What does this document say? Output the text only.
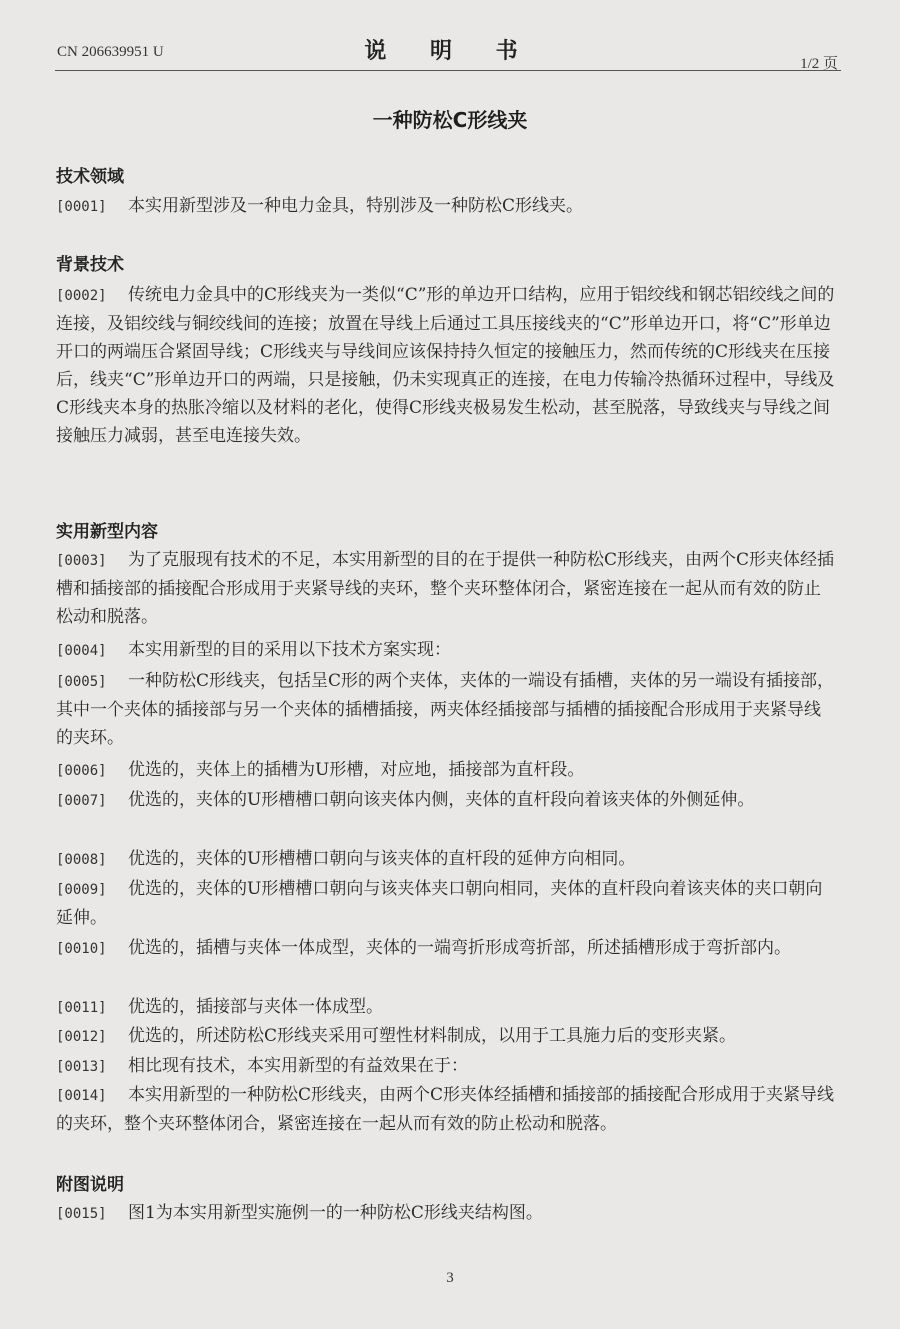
CN 206639951 U	说 明 书	1/2 页
一种防松C形线夹
技术领域
[0001] 本实用新型涉及一种电力金具，特别涉及一种防松C形线夹。
背景技术
[0002] 传统电力金具中的C形线夹为一类似“C”形的单边开口结构，应用于铝绞线和钢芯铝绞线之间的连接，及铝绞线与铜绞线间的连接；放置在导线上后通过工具压接线夹的“C”形单边开口，将“C”形单边开口的两端压合紧固导线；C形线夹与导线间应该保持持久恒定的接触压力，然而传统的C形线夹在压接后，线夹“C”形单边开口的两端，只是接触，仍未实现真正的连接，在电力传输冷热循环过程中，导线及C形线夹本身的热胀冷缩以及材料的老化，使得C形线夹极易发生松动，甚至脱落，导致线夹与导线之间接触压力减弱，甚至电连接失效。
实用新型内容
[0003] 为了克服现有技术的不足，本实用新型的目的在于提供一种防松C形线夹，由两个C形夹体经插槽和插接部的插接配合形成用于夹紧导线的夹环，整个夹环整体闭合，紧密连接在一起从而有效的防止松动和脱落。
[0004] 本实用新型的目的采用以下技术方案实现：
[0005] 一种防松C形线夹，包括呈C形的两个夹体，夹体的一端设有插槽，夹体的另一端设有插接部，其中一个夹体的插接部与另一个夹体的插槽插接，两夹体经插接部与插槽的插接配合形成用于夹紧导线的夹环。
[0006] 优选的，夹体上的插槽为U形槽，对应地，插接部为直杆段。
[0007] 优选的，夹体的U形槽槽口朝向该夹体内侧，夹体的直杆段向着该夹体的外侧延伸。
[0008] 优选的，夹体的U形槽槽口朝向与该夹体的直杆段的延伸方向相同。
[0009] 优选的，夹体的U形槽槽口朝向与该夹体夹口朝向相同，夹体的直杆段向着该夹体的夹口朝向延伸。
[0010] 优选的，插槽与夹体一体成型，夹体的一端弯折形成弯折部，所述插槽形成于弯折部内。
[0011] 优选的，插接部与夹体一体成型。
[0012] 优选的，所述防松C形线夹采用可塑性材料制成，以用于工具施力后的变形夹紧。
[0013] 相比现有技术，本实用新型的有益效果在于：
[0014] 本实用新型的一种防松C形线夹，由两个C形夹体经插槽和插接部的插接配合形成用于夹紧导线的夹环，整个夹环整体闭合，紧密连接在一起从而有效的防止松动和脱落。
附图说明
[0015] 图1为本实用新型实施例一的一种防松C形线夹结构图。
3
